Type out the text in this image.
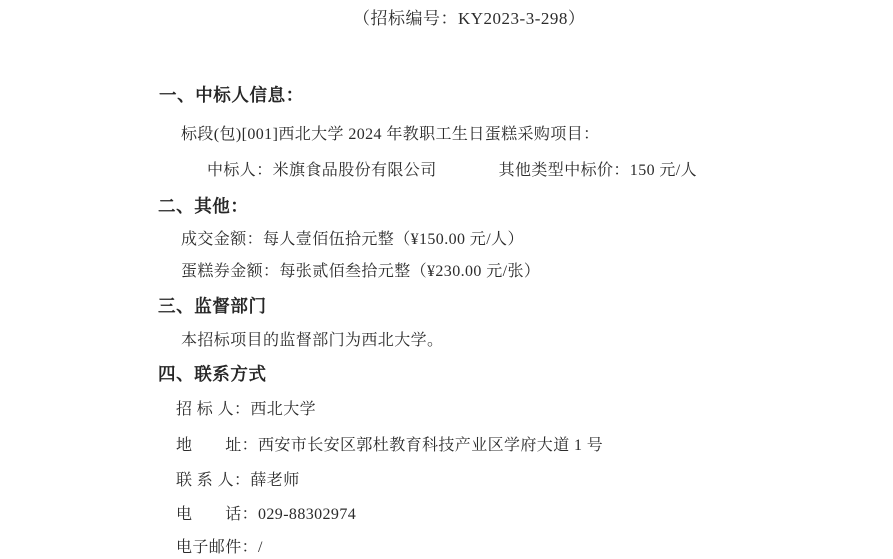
（招标编号：KY2023-3-298）
一、中标人信息：
标段(包)[001]西北大学 2024 年教职工生日蛋糕采购项目：
中标人：米旗食品股份有限公司	其他类型中标价：150 元/人
二、其他：
成交金额：每人壹佰伍拾元整（¥150.00 元/人）
蛋糕券金额：每张贰佰叁拾元整（¥230.00 元/张）
三、监督部门
本招标项目的监督部门为西北大学。
四、联系方式
招 标 人：西北大学
地　　址：西安市长安区郭杜教育科技产业区学府大道 1 号
联 系 人：薛老师
电　　话：029-88302974
电子邮件：/
